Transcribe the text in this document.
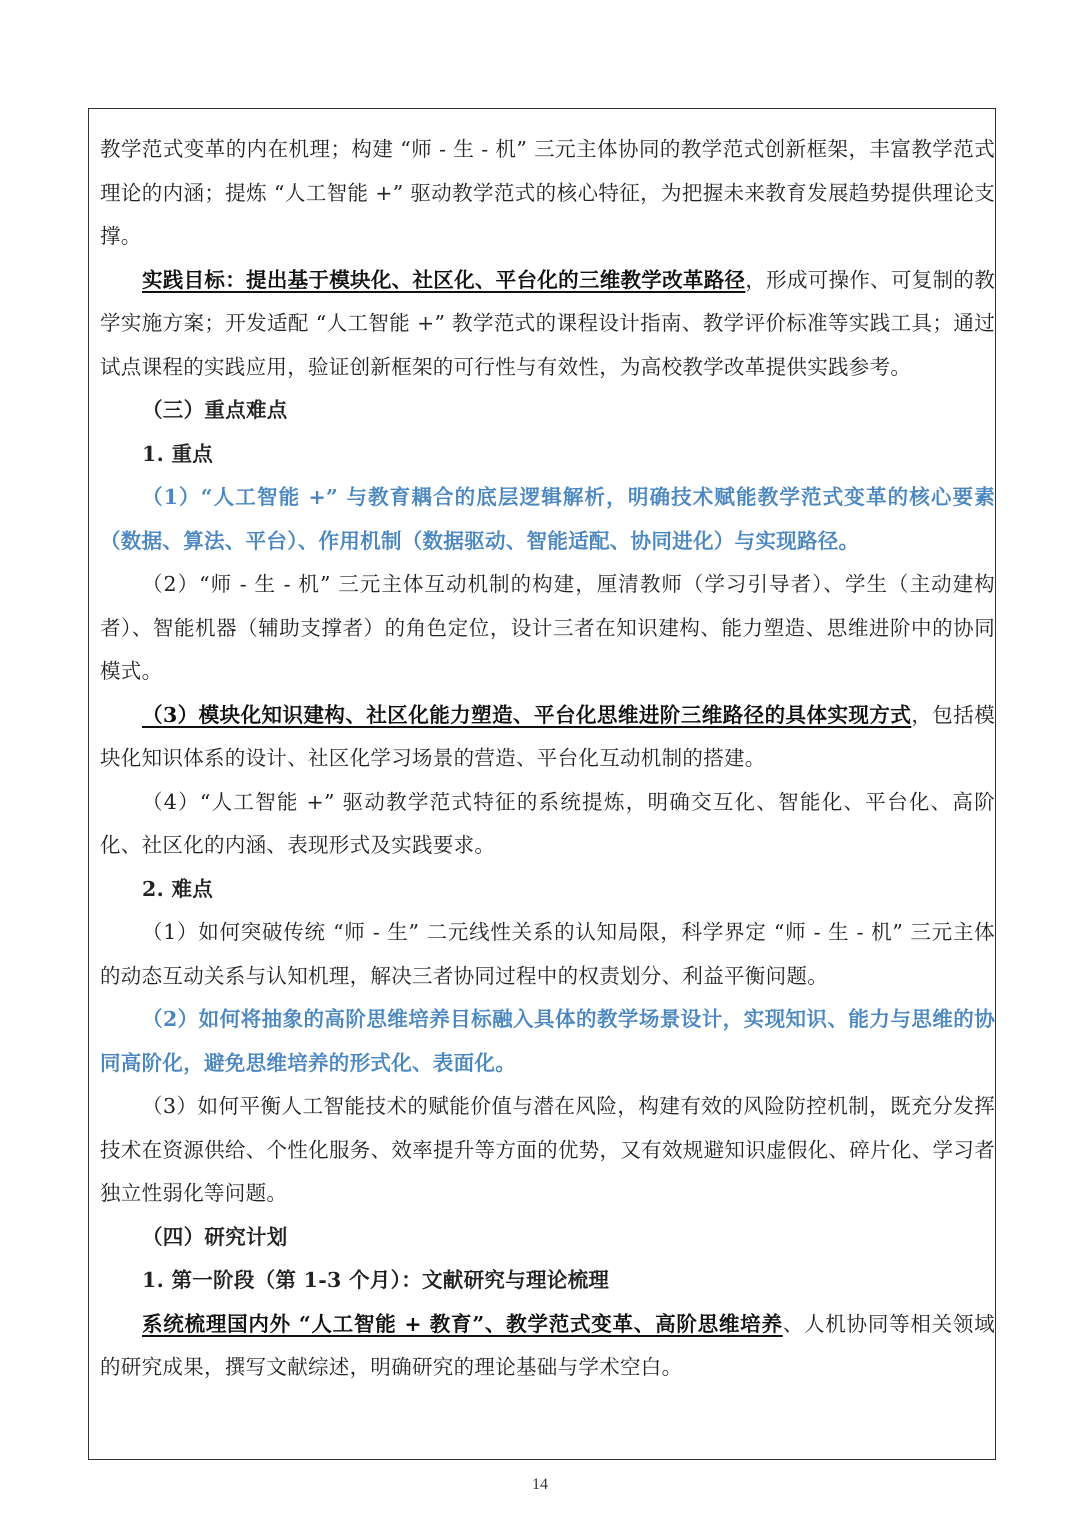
教学范式变革的内在机理；构建 “师 - 生 - 机” 三元主体协同的教学范式创新框架，丰富教学范式理论的内涵；提炼 “人工智能 +” 驱动教学范式的核心特征，为把握未来教育发展趋势提供理论支撑。

实践目标：提出基于模块化、社区化、平台化的三维教学改革路径，形成可操作、可复制的教学实施方案；开发适配 “人工智能 +” 教学范式的课程设计指南、教学评价标准等实践工具；通过试点课程的实践应用，验证创新框架的可行性与有效性，为高校教学改革提供实践参考。

（三）重点难点

1. 重点

（1）“人工智能 +” 与教育耦合的底层逻辑解析，明确技术赋能教学范式变革的核心要素（数据、算法、平台）、作用机制（数据驱动、智能适配、协同进化）与实现路径。

（2）“师 - 生 - 机” 三元主体互动机制的构建，厘清教师（学习引导者）、学生（主动建构者）、智能机器（辅助支撑者）的角色定位，设计三者在知识建构、能力塑造、思维进阶中的协同模式。

（3）模块化知识建构、社区化能力塑造、平台化思维进阶三维路径的具体实现方式，包括模块化知识体系的设计、社区化学习场景的营造、平台化互动机制的搭建。

（4）“人工智能 +” 驱动教学范式特征的系统提炼，明确交互化、智能化、平台化、高阶化、社区化的内涵、表现形式及实践要求。

2. 难点

（1）如何突破传统 “师 - 生” 二元线性关系的认知局限，科学界定 “师 - 生 - 机” 三元主体的动态互动关系与认知机理，解决三者协同过程中的权责划分、利益平衡问题。

（2）如何将抽象的高阶思维培养目标融入具体的教学场景设计，实现知识、能力与思维的协同高阶化，避免思维培养的形式化、表面化。

（3）如何平衡人工智能技术的赋能价值与潜在风险，构建有效的风险防控机制，既充分发挥技术在资源供给、个性化服务、效率提升等方面的优势，又有效规避知识虚假化、碎片化、学习者独立性弱化等问题。

（四）研究计划

1. 第一阶段（第 1-3 个月）：文献研究与理论梳理

系统梳理国内外 “人工智能 + 教育”、教学范式变革、高阶思维培养、人机协同等相关领域的研究成果，撰写文献综述，明确研究的理论基础与学术空白。

14
